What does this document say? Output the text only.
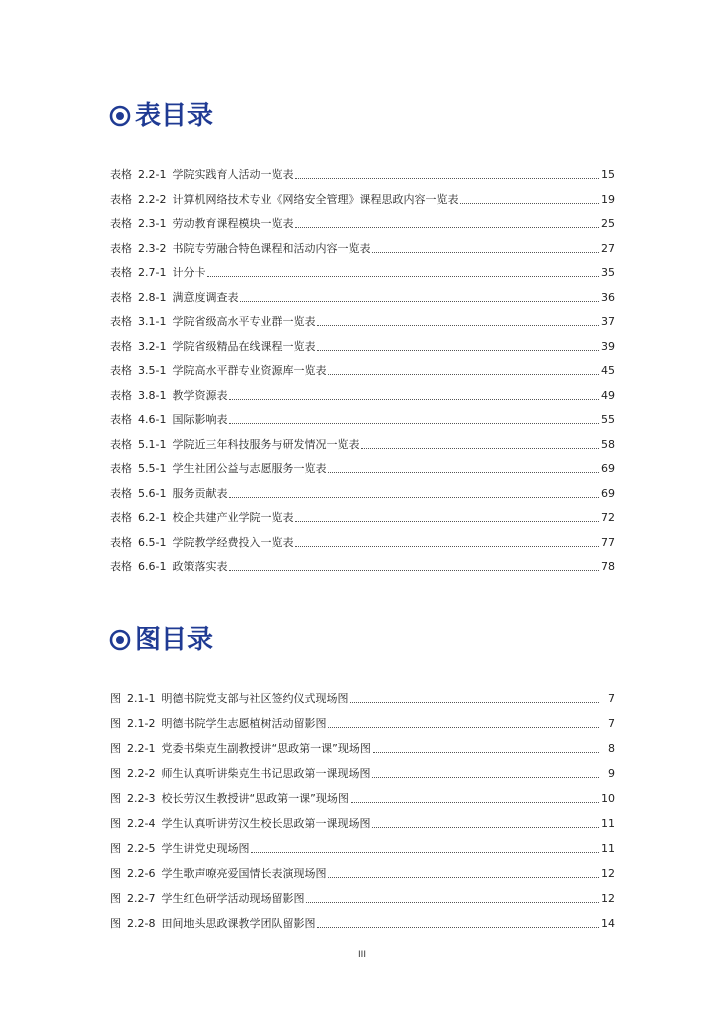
表目录
表格 2.2-1 学院实践育人活动一览表	15
表格 2.2-2 计算机网络技术专业《网络安全管理》课程思政内容一览表	19
表格 2.3-1 劳动教育课程模块一览表	25
表格 2.3-2 书院专劳融合特色课程和活动内容一览表	27
表格 2.7-1 计分卡	35
表格 2.8-1 满意度调查表	36
表格 3.1-1 学院省级高水平专业群一览表	37
表格 3.2-1 学院省级精品在线课程一览表	39
表格 3.5-1 学院高水平群专业资源库一览表	45
表格 3.8-1 教学资源表	49
表格 4.6-1 国际影响表	55
表格 5.1-1 学院近三年科技服务与研发情况一览表	58
表格 5.5-1 学生社团公益与志愿服务一览表	69
表格 5.6-1 服务贡献表	69
表格 6.2-1 校企共建产业学院一览表	72
表格 6.5-1 学院教学经费投入一览表	77
表格 6.6-1 政策落实表	78
图目录
图 2.1-1 明德书院党支部与社区签约仪式现场图	7
图 2.1-2 明德书院学生志愿植树活动留影图	7
图 2.2-1 党委书柴克生副教授讲“思政第一课”现场图	8
图 2.2-2 师生认真听讲柴克生书记思政第一课现场图	9
图 2.2-3 校长劳汉生教授讲“思政第一课”现场图	10
图 2.2-4 学生认真听讲劳汉生校长思政第一课现场图	11
图 2.2-5 学生讲党史现场图	11
图 2.2-6 学生歌声嘹亮爱国情长表演现场图	12
图 2.2-7 学生红色研学活动现场留影图	12
图 2.2-8 田间地头思政课教学团队留影图	14
III
